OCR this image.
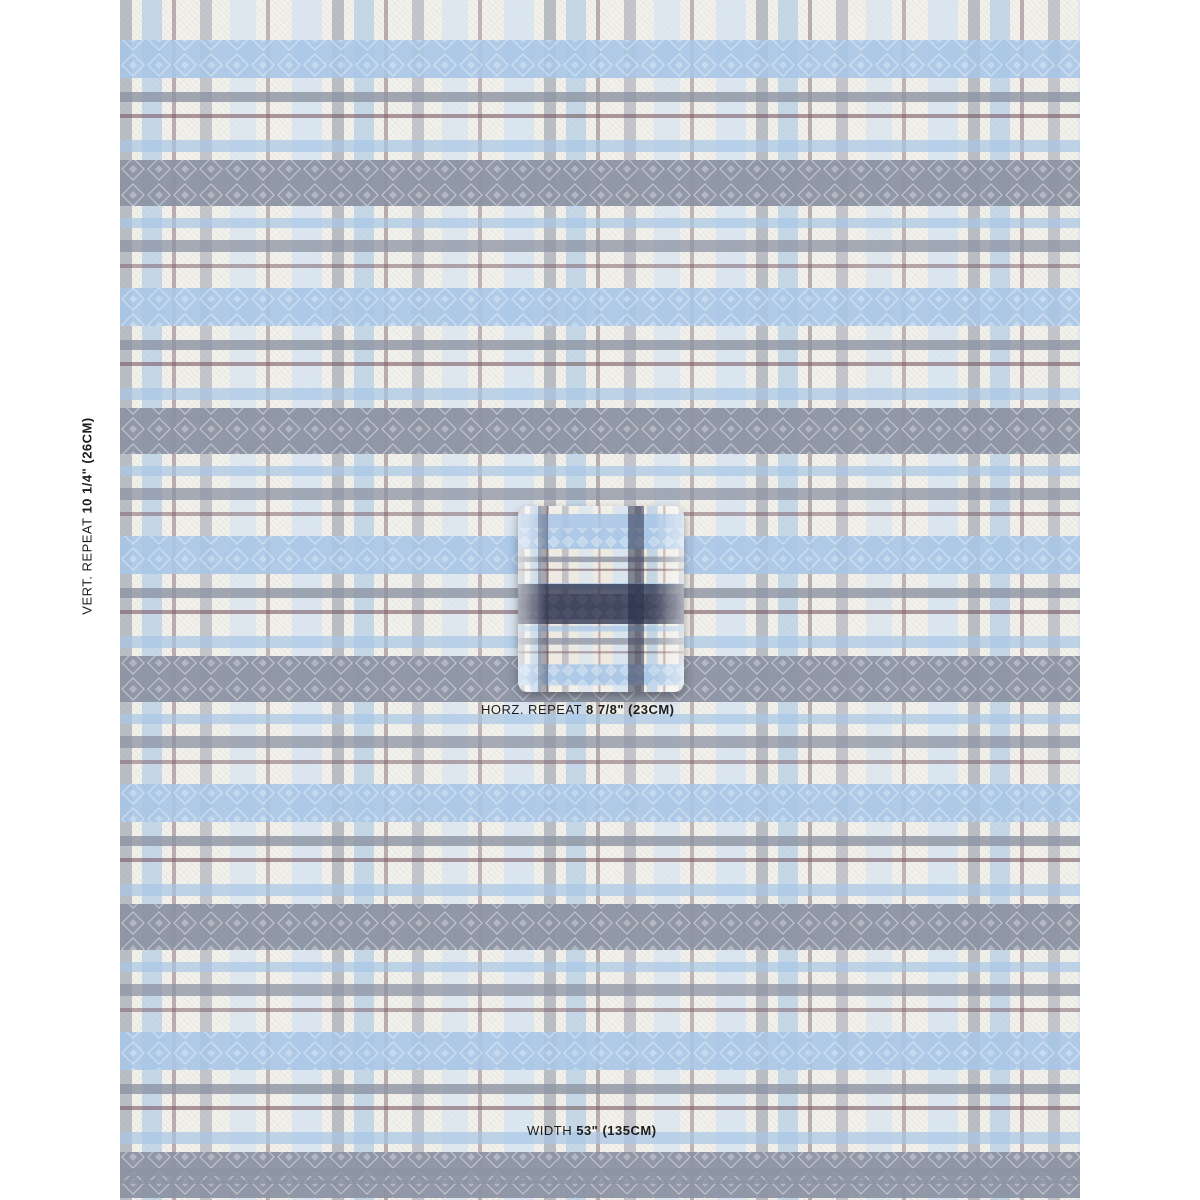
VERT. REPEAT 10 1/4" (26CM)
HORZ. REPEAT 8 7/8" (23CM)
WIDTH 53" (135CM)
